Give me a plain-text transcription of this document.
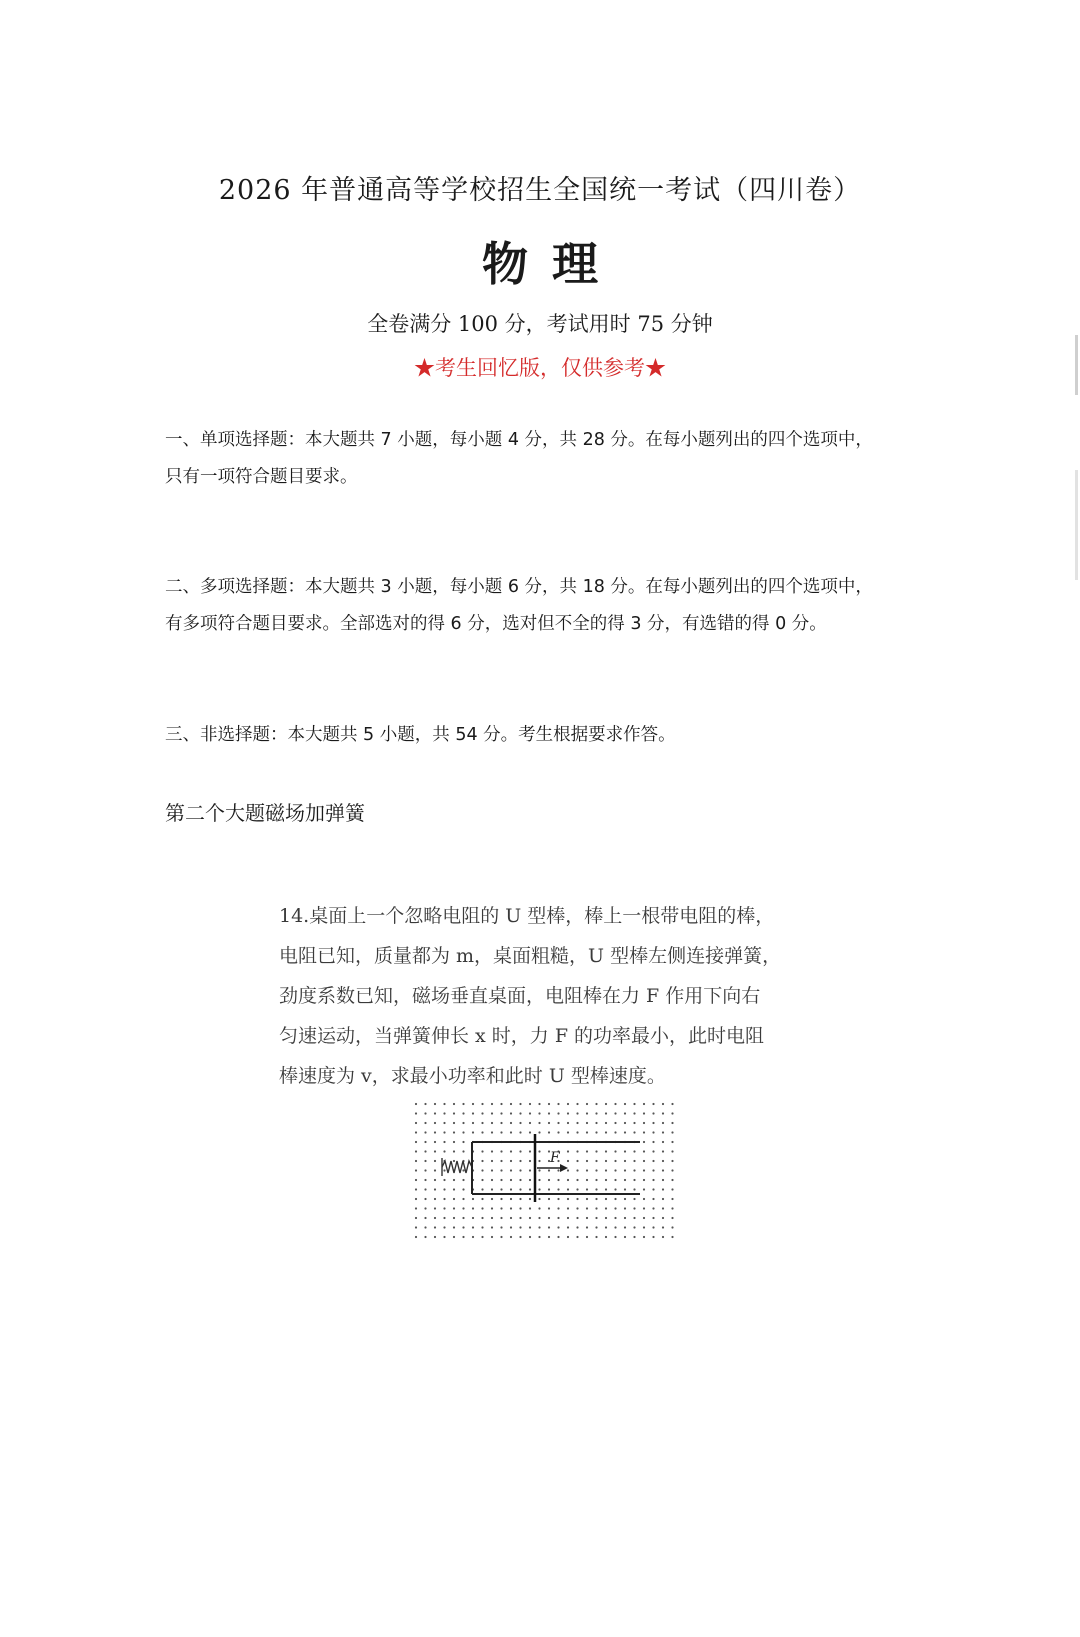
2026 年普通高等学校招生全国统一考试（四川卷）
物理
全卷满分 100 分，考试用时 75 分钟
★考生回忆版，仅供参考★
一、单项选择题：本大题共 7 小题，每小题 4 分，共 28 分。在每小题列出的四个选项中，
只有一项符合题目要求。
二、多项选择题：本大题共 3 小题，每小题 6 分，共 18 分。在每小题列出的四个选项中，
有多项符合题目要求。全部选对的得 6 分，选对但不全的得 3 分，有选错的得 0 分。
三、非选择题：本大题共 5 小题，共 54 分。考生根据要求作答。
第二个大题磁场加弹簧
14.桌面上一个忽略电阻的 U 型棒，棒上一根带电阻的棒，
电阻已知，质量都为 m，桌面粗糙，U 型棒左侧连接弹簧，
劲度系数已知，磁场垂直桌面，电阻棒在力 F 作用下向右
匀速运动，当弹簧伸长 x 时，力 F 的功率最小，此时电阻
棒速度为 v，求最小功率和此时 U 型棒速度。
F
